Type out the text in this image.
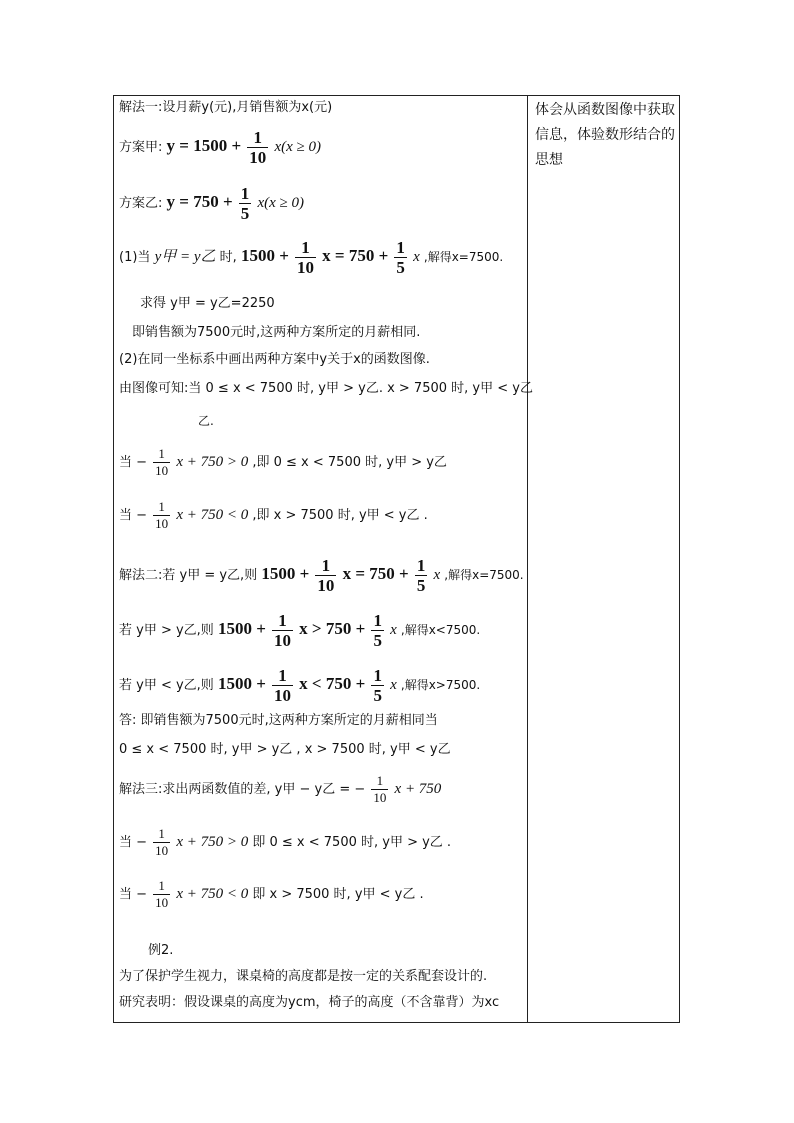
解法一:设月薪y(元),月销售额为x(元)
方案甲: $y = 1500 + \frac{1}{10} x(x \ge 0)$
方案乙: $y = 750 + \frac{1}{5} x(x \ge 0)$
(1)当 y甲 = y乙 时, $1500 + \frac{1}{10}$ $x = 750 + \frac{1}{5}$ x ,解得x=7500.
求得 y甲 = y乙=2250
即销售额为7500元时,这两种方案所定的月薪相同.
(2)在同一坐标系中画出两种方案中y关于x的函数图像.
由图像可知:当 0 ≤ x < 7500 时, y甲 > y乙. x > 7500 时, y甲 < y乙
乙.
当 − $\frac{1}{10}$ x + 750 > 0 ,即 0 ≤ x < 7500 时, y甲 > y乙
当 − $\frac{1}{10}$ x + 750 < 0 ,即 x > 7500 时, y甲 < y乙 .
解法二:若 y甲 = y乙,则 $1500 + \frac{1}{10}$ $x = 750 + \frac{1}{5}$ x ,解得x=7500.
若 y甲 > y乙,则 $1500 + \frac{1}{10}$ $x > 750 + \frac{1}{5}$ x ,解得x<7500.
若 y甲 < y乙,则 $1500 + \frac{1}{10}$ $x < 750 + \frac{1}{5}$ x ,解得x>7500.
答: 即销售额为7500元时,这两种方案所定的月薪相同当
0 ≤ x < 7500 时, y甲 > y乙 , x > 7500 时, y甲 < y乙
解法三:求出两函数值的差, y甲 − y乙 = − $\frac{1}{10}$ x + 750
当 − $\frac{1}{10}$ x + 750 > 0 即 0 ≤ x < 7500 时, y甲 > y乙 .
当 − $\frac{1}{10}$ x + 750 < 0 即 x > 7500 时, y甲 < y乙 .
例2.
为了保护学生视力，课桌椅的高度都是按一定的关系配套设计的.
研究表明：假设课桌的高度为ycm，椅子的高度（不含靠背）为xc
体会从函数图像中获取信息，体验数形结合的思想
